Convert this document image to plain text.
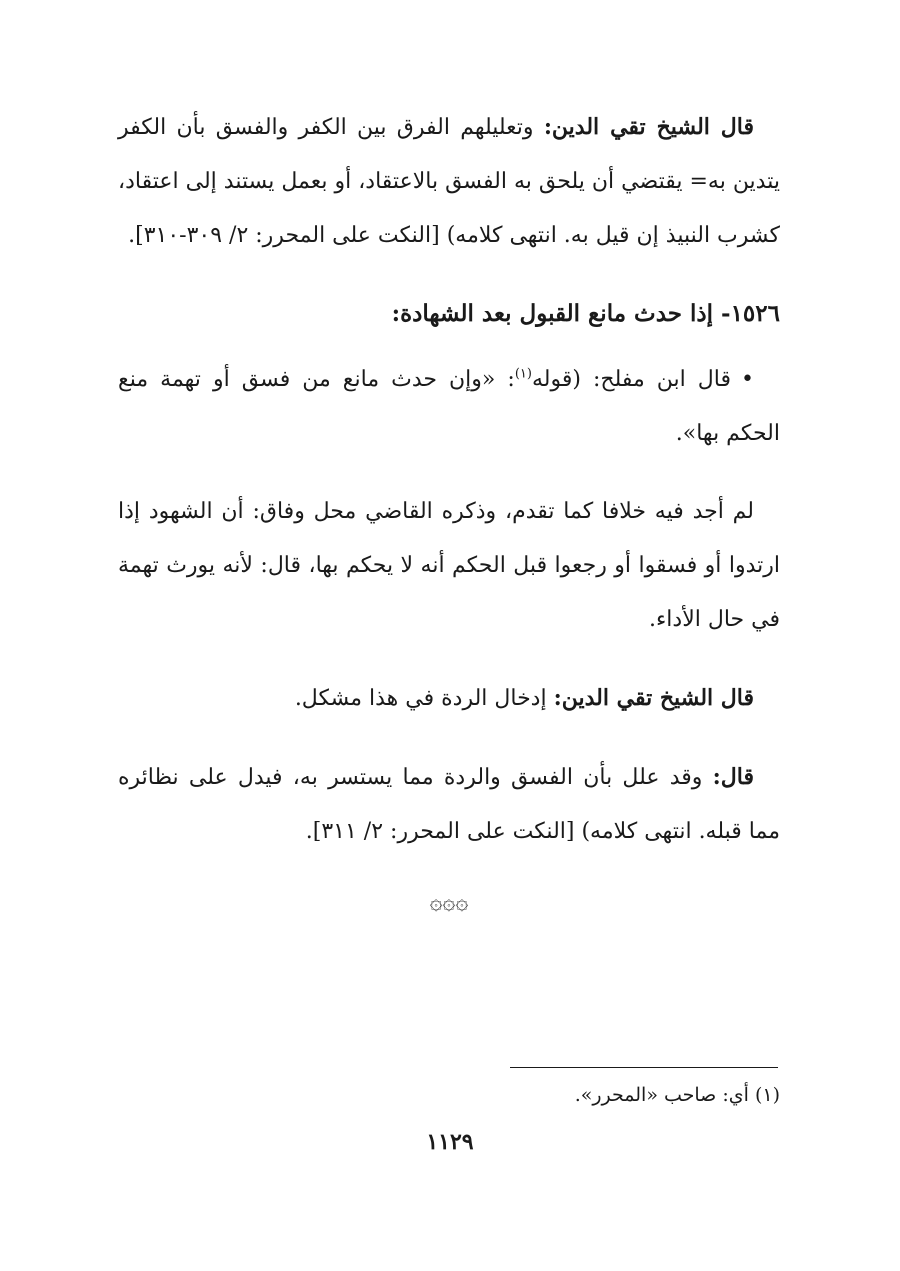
قال الشيخ تقي الدين: وتعليلهم الفرق بين الكفر والفسق بأن الكفر يتدين به= يقتضي أن يلحق به الفسق بالاعتقاد، أو بعمل يستند إلى اعتقاد، كشرب النبيذ إن قيل به. انتهى كلامه) [النكت على المحرر: ٢/ ٣٠٩-٣١٠].

١٥٢٦- إذا حدث مانع القبول بعد الشهادة:

•قال ابن مفلح: (قوله$^{(١)}$: «وإن حدث مانع من فسق أو تهمة منع الحكم بها».

لم أجد فيه خلافا كما تقدم، وذكره القاضي محل وفاق: أن الشهود إذا ارتدوا أو فسقوا أو رجعوا قبل الحكم أنه لا يحكم بها، قال: لأنه يورث تهمة في حال الأداء.

قال الشيخ تقي الدين: إدخال الردة في هذا مشكل.

قال: وقد علل بأن الفسق والردة مما يستسر به، فيدل على نظائره مما قبله. انتهى كلامه) [النكت على المحرر: ٢/ ٣١١].

۞۞۞
(١) أي: صاحب «المحرر».
١١٢٩
